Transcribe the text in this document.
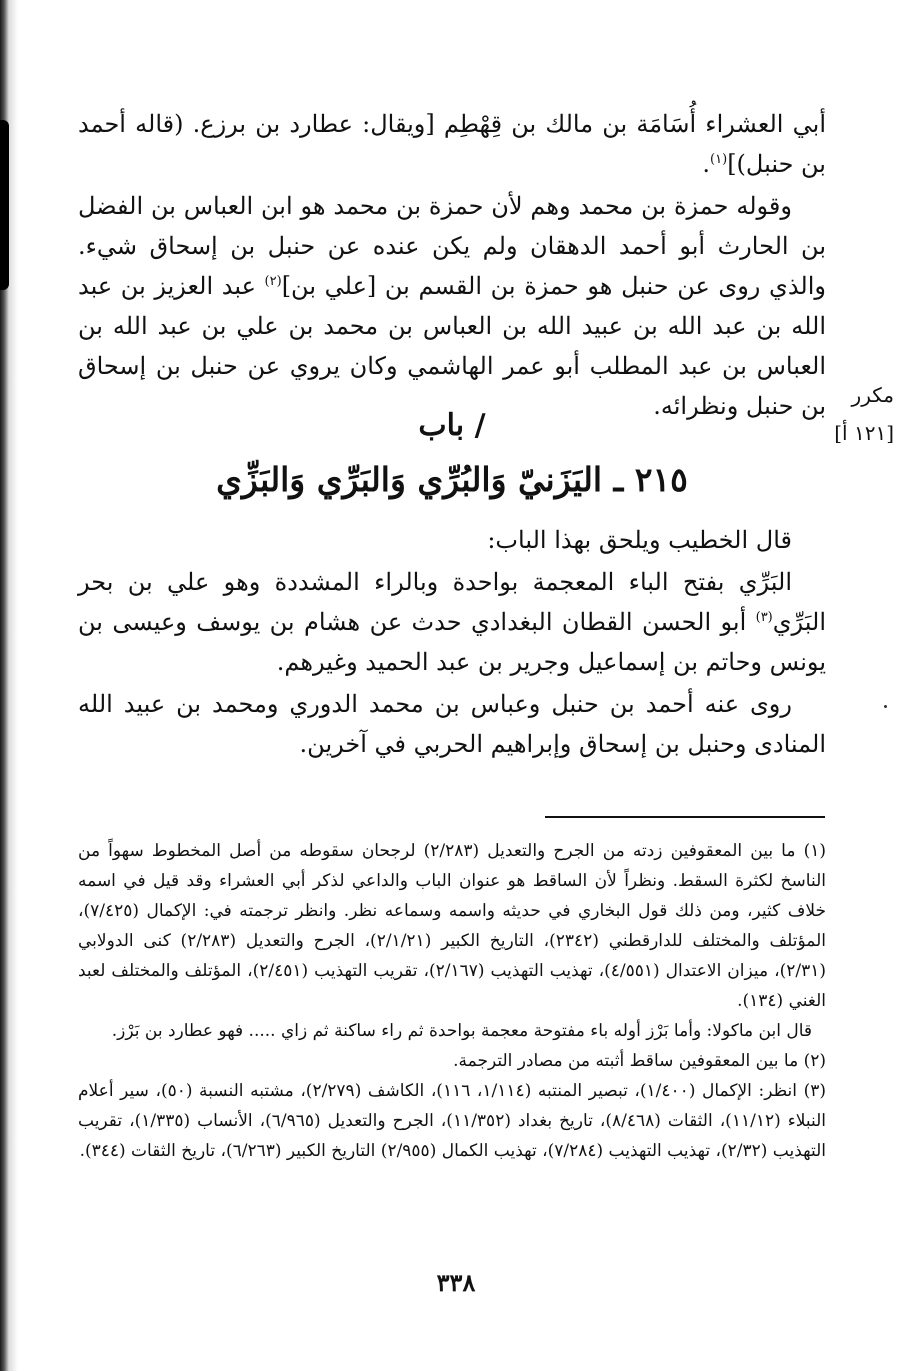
أبي العشراء أُسَامَة بن مالك بن قِهْطِم [ويقال: عطارد بن برزع. (قاله أحمد بن حنبل)]$^{(١)}$.

وقوله حمزة بن محمد وهم لأن حمزة بن محمد هو ابن العباس بن الفضل بن الحارث أبو أحمد الدهقان ولم يكن عنده عن حنبل بن إسحاق شيء. والذي روى عن حنبل هو حمزة بن القسم بن [علي بن]$^{(٢)}$ عبد العزيز بن عبد الله بن عبد الله بن عبيد الله بن العباس بن محمد بن علي بن عبد الله بن العباس بن عبد المطلب أبو عمر الهاشمي وكان يروي عن حنبل بن إسحاق بن حنبل ونظرائه.	مكرر
[١٢١ أ]
/ باب
٢١٥ ـ اليَزَنيّ وَالبُرِّي وَالبَرِّي وَالبَزِّي

قال الخطيب ويلحق بهذا الباب:

البَرِّي بفتح الباء المعجمة بواحدة وبالراء المشددة وهو علي بن بحر البَرِّي$^{(٣)}$ أبو الحسن القطان البغدادي حدث عن هشام بن يوسف وعيسى بن يونس وحاتم بن إسماعيل وجرير بن عبد الحميد وغيرهم.

روى عنه أحمد بن حنبل وعباس بن محمد الدوري ومحمد بن عبيد الله المنادى وحنبل بن إسحاق وإبراهيم الحربي في آخرين.

(١) ما بين المعقوفين زدته من الجرح والتعديل (٢/٢٨٣) لرجحان سقوطه من أصل المخطوط سهواً من الناسخ لكثرة السقط. ونظراً لأن الساقط هو عنوان الباب والداعي لذكر أبي العشراء وقد قيل في اسمه خلاف كثير، ومن ذلك قول البخاري في حديثه واسمه وسماعه نظر. وانظر ترجمته في: الإكمال (٧/٤٢٥)، المؤتلف والمختلف للدارقطني (٢٣٤٢)، التاريخ الكبير (٢/١/٢١)، الجرح والتعديل (٢/٢٨٣) كنى الدولابي (٢/٣١)، ميزان الاعتدال (٤/٥٥١)، تهذيب التهذيب (٢/١٦٧)، تقريب التهذيب (٢/٤٥١)، المؤتلف والمختلف لعبد الغني (١٣٤).

قال ابن ماكولا: وأما بَرْز أوله باء مفتوحة معجمة بواحدة ثم راء ساكنة ثم زاي ..... فهو عطارد بن بَرْز.

(٢) ما بين المعقوفين ساقط أثبته من مصادر الترجمة.

(٣) انظر: الإكمال (١/٤٠٠)، تبصير المنتبه (١/١١٤، ١١٦)، الكاشف (٢/٢٧٩)، مشتبه النسبة (٥٠)، سير أعلام النبلاء (١١/١٢)، الثقات (٨/٤٦٨)، تاريخ بغداد (١١/٣٥٢)، الجرح والتعديل (٦/٩٦٥)، الأنساب (١/٣٣٥)، تقريب التهذيب (٢/٣٢)، تهذيب التهذيب (٧/٢٨٤)، تهذيب الكمال (٢/٩٥٥) التاريخ الكبير (٦/٢٦٣)، تاريخ الثقات (٣٤٤).

٣٣٨
